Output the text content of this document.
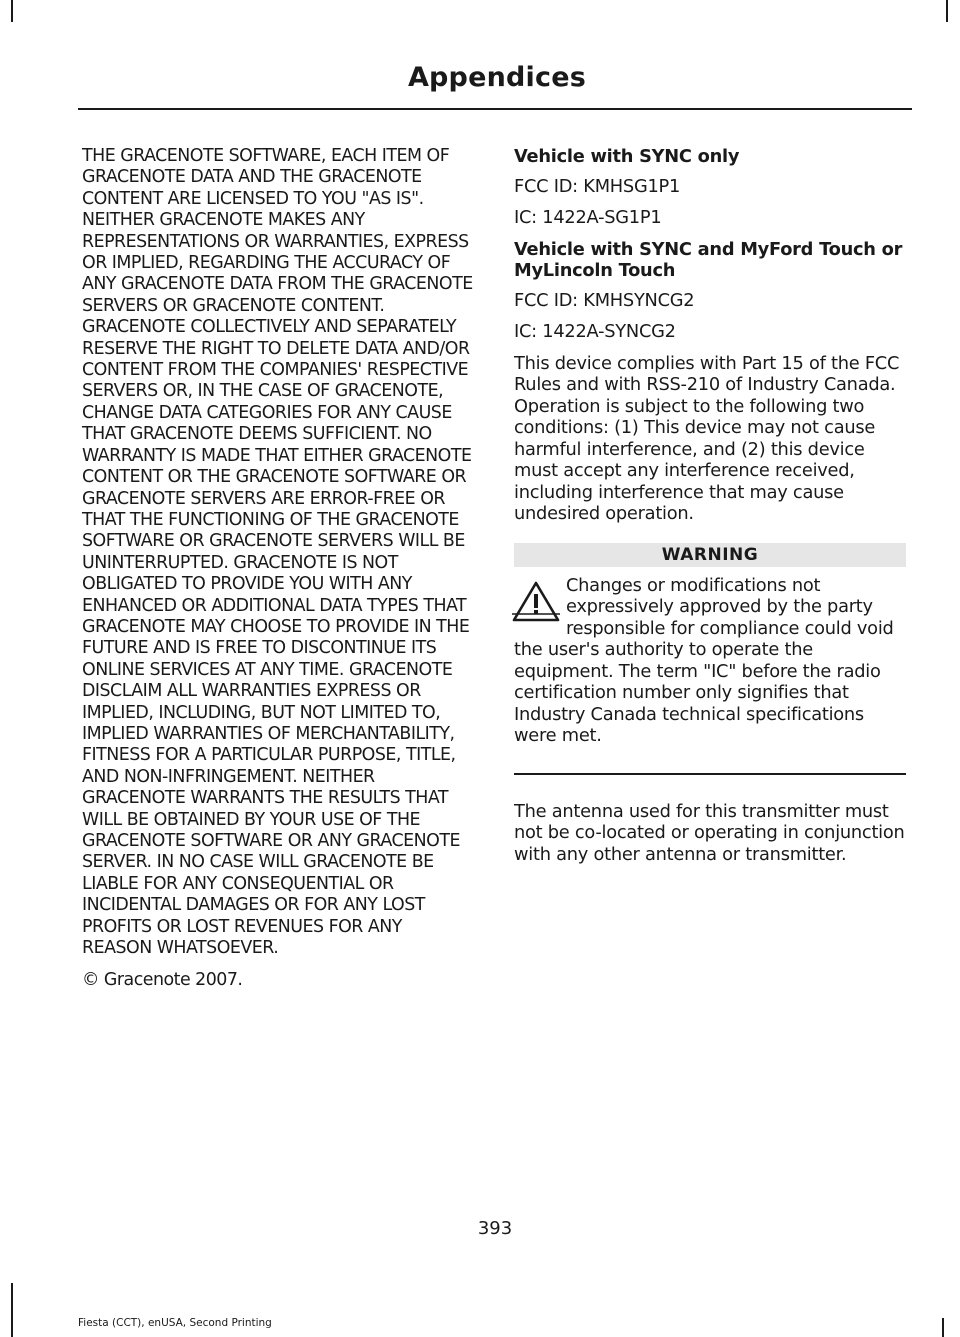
Appendices

THE GRACENOTE SOFTWARE, EACH ITEM OF GRACENOTE DATA AND THE GRACENOTE CONTENT ARE LICENSED TO YOU "AS IS". NEITHER GRACENOTE MAKES ANY REPRESENTATIONS OR WARRANTIES, EXPRESS OR IMPLIED, REGARDING THE ACCURACY OF ANY GRACENOTE DATA FROM THE GRACENOTE SERVERS OR GRACENOTE CONTENT. GRACENOTE COLLECTIVELY AND SEPARATELY RESERVE THE RIGHT TO DELETE DATA AND/OR CONTENT FROM THE COMPANIES' RESPECTIVE SERVERS OR, IN THE CASE OF GRACENOTE, CHANGE DATA CATEGORIES FOR ANY CAUSE THAT GRACENOTE DEEMS SUFFICIENT. NO WARRANTY IS MADE THAT EITHER GRACENOTE CONTENT OR THE GRACENOTE SOFTWARE OR GRACENOTE SERVERS ARE ERROR-FREE OR THAT THE FUNCTIONING OF THE GRACENOTE SOFTWARE OR GRACENOTE SERVERS WILL BE UNINTERRUPTED. GRACENOTE IS NOT OBLIGATED TO PROVIDE YOU WITH ANY ENHANCED OR ADDITIONAL DATA TYPES THAT GRACENOTE MAY CHOOSE TO PROVIDE IN THE FUTURE AND IS FREE TO DISCONTINUE ITS ONLINE SERVICES AT ANY TIME. GRACENOTE DISCLAIM ALL WARRANTIES EXPRESS OR IMPLIED, INCLUDING, BUT NOT LIMITED TO, IMPLIED WARRANTIES OF MERCHANTABILITY, FITNESS FOR A PARTICULAR PURPOSE, TITLE, AND NON-INFRINGEMENT. NEITHER GRACENOTE WARRANTS THE RESULTS THAT WILL BE OBTAINED BY YOUR USE OF THE GRACENOTE SOFTWARE OR ANY GRACENOTE SERVER. IN NO CASE WILL GRACENOTE BE LIABLE FOR ANY CONSEQUENTIAL OR INCIDENTAL DAMAGES OR FOR ANY LOST PROFITS OR LOST REVENUES FOR ANY REASON WHATSOEVER.

© Gracenote 2007.

Vehicle with SYNC only

FCC ID: KMHSG1P1

IC: 1422A-SG1P1

Vehicle with SYNC and MyFord Touch or MyLincoln Touch

FCC ID: KMHSYNCG2

IC: 1422A-SYNCG2

This device complies with Part 15 of the FCC Rules and with RSS-210 of Industry Canada. Operation is subject to the following two conditions: (1) This device may not cause harmful interference, and (2) this device must accept any interference received, including interference that may cause undesired operation.

WARNING

Changes or modifications not expressively approved by the party responsible for compliance could void the user's authority to operate the equipment. The term "IC" before the radio certification number only signifies that Industry Canada technical specifications were met.

The antenna used for this transmitter must not be co-located or operating in conjunction with any other antenna or transmitter.

393
Fiesta (CCT), enUSA, Second Printing
